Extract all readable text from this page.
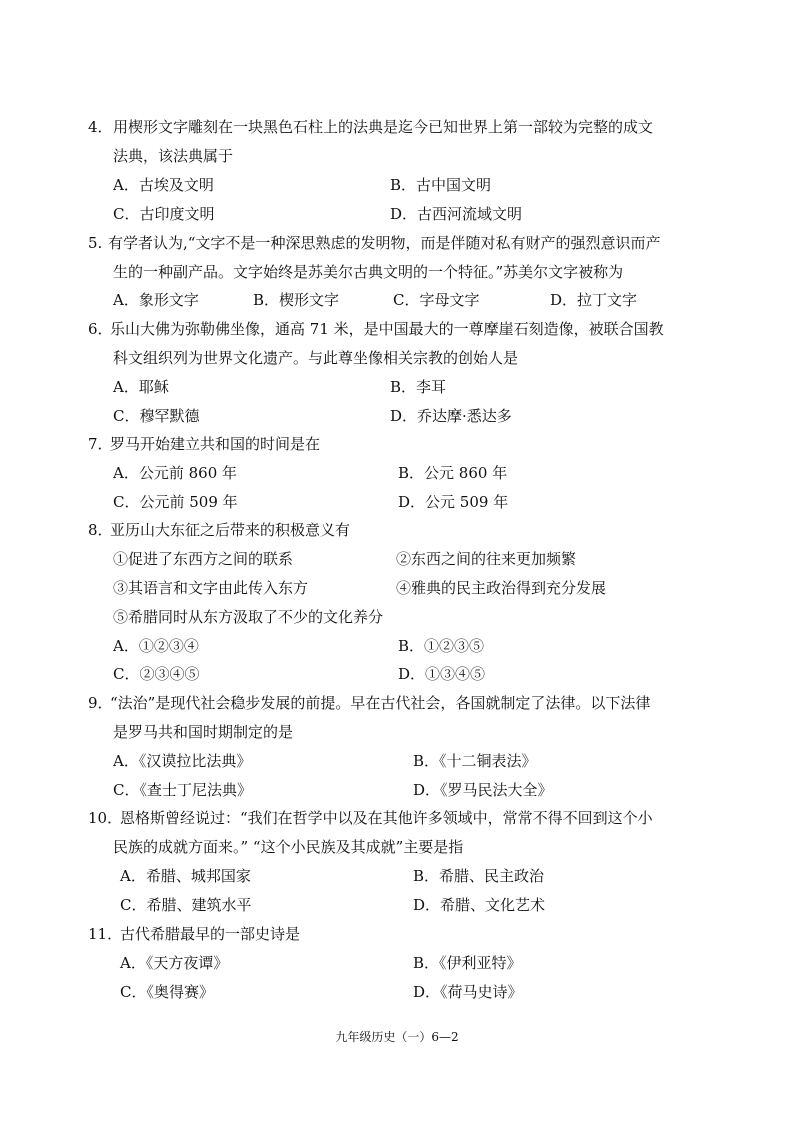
4． 用楔形文字雕刻在一块黑色石柱上的法典是迄今已知世界上第一部较为完整的成文
法典，该法典属于
A．古埃及文明	B．古中国文明
C．古印度文明	D．古西河流域文明
5. 有学者认为,“文字不是一种深思熟虑的发明物，而是伴随对私有财产的强烈意识而产
生的一种副产品。文字始终是苏美尔古典文明的一个特征。”苏美尔文字被称为
A．象形文字	B．楔形文字	C．字母文字	D．拉丁文字
6．
乐山大佛为弥勒佛坐像，通高 71 米，是中国最大的一尊摩崖石刻造像，被联合国教
科文组织列为世界文化遗产。与此尊坐像相关宗教的创始人是
A．耶稣	B．李耳
C．穆罕默德	D．乔达摩·悉达多
7．
罗马开始建立共和国的时间是在
A．公元前 860 年	B．公元 860 年
C．公元前 509 年	D．公元 509 年
8．
亚历山大东征之后带来的积极意义有
①促进了东西方之间的联系	②东西之间的往来更加频繁
③其语言和文字由此传入东方	④雅典的民主政治得到充分发展
⑤希腊同时从东方汲取了不少的文化养分
A．①②③④	B．①②③⑤
C．②③④⑤	D．①③④⑤
9．
“法治”是现代社会稳步发展的前提。早在古代社会，各国就制定了法律。以下法律
是罗马共和国时期制定的是
A．《汉谟拉比法典》	B．《十二铜表法》
C．《查士丁尼法典》	D．《罗马民法大全》
10．
恩格斯曾经说过：“我们在哲学中以及在其他许多领域中，常常不得不回到这个小
民族的成就方面来。” “这个小民族及其成就”主要是指
A．希腊、城邦国家	B．希腊、民主政治
C．希腊、建筑水平	D．希腊、文化艺术
11．
古代希腊最早的一部史诗是
A．《天方夜谭》	B．《伊利亚特》
C．《奥得赛》	D．《荷马史诗》
九年级历史（一）6—2
